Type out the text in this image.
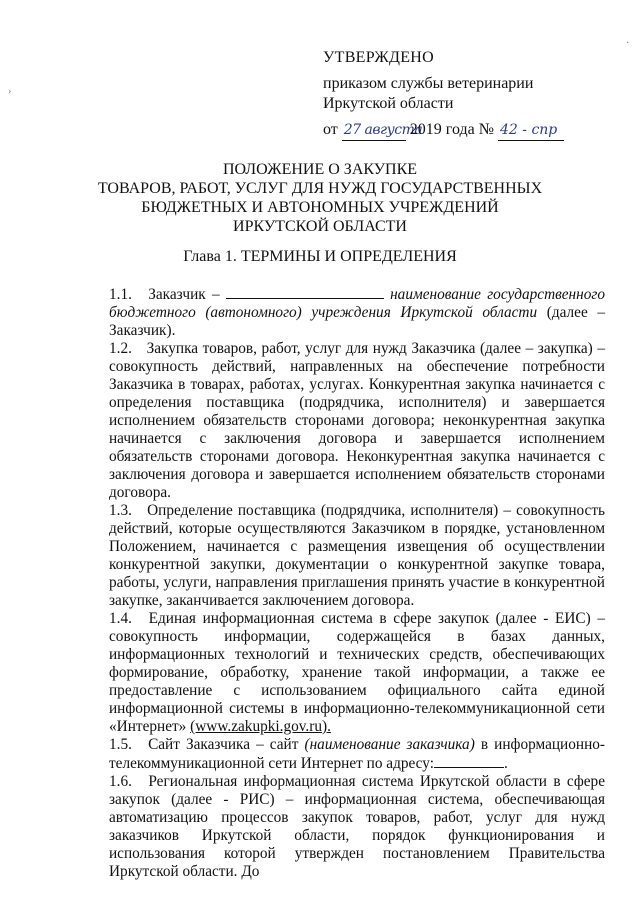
›
·
УТВЕРЖДЕНО
приказом службы ветеринарии
Иркутской области
от 27 августа 2019 года № 42 - спр
ПОЛОЖЕНИЕ О ЗАКУПКЕ
ТОВАРОВ, РАБОТ, УСЛУГ ДЛЯ НУЖД ГОСУДАРСТВЕННЫХ
БЮДЖЕТНЫХ И АВТОНОМНЫХ УЧРЕЖДЕНИЙ
ИРКУТСКОЙ ОБЛАСТИ
Глава 1. ТЕРМИНЫ И ОПРЕДЕЛЕНИЯ

1.1. Заказчик –	наименование государственного бюджетного (автономного) учреждения Иркутской области (далее – Заказчик).

1.2. Закупка товаров, работ, услуг для нужд Заказчика (далее – закупка) – совокупность действий, направленных на обеспечение потребности Заказчика в товарах, работах, услугах. Конкурентная закупка начинается с определения поставщика (подрядчика, исполнителя) и завершается исполнением обязательств сторонами договора; неконкурентная закупка начинается с заключения договора и завершается исполнением обязательств сторонами договора. Неконкурентная закупка начинается с заключения договора и завершается исполнением обязательств сторонами договора.

1.3. Определение поставщика (подрядчика, исполнителя) – совокупность действий, которые осуществляются Заказчиком в порядке, установленном Положением, начинается с размещения извещения об осуществлении конкурентной закупки, документации о конкурентной закупке товара, работы, услуги, направления приглашения принять участие в конкурентной закупке, заканчивается заключением договора.

1.4. Единая информационная система в сфере закупок (далее - ЕИС) – совокупность информации, содержащейся в базах данных, информационных технологий и технических средств, обеспечивающих формирование, обработку, хранение такой информации, а также ее предоставление с использованием официального сайта единой информационной системы в информационно-телекоммуникационной сети «Интернет» (www.zakupki.gov.ru).

1.5. Сайт Заказчика – сайт (наименование заказчика) в информационно-телекоммуникационной сети Интернет по адресу:	.

1.6. Региональная информационная система Иркутской области в сфере закупок (далее - РИС) – информационная система, обеспечивающая автоматизацию процессов закупок товаров, работ, услуг для нужд заказчиков Иркутской области, порядок функционирования и использования которой утвержден постановлением Правительства Иркутской области. До
